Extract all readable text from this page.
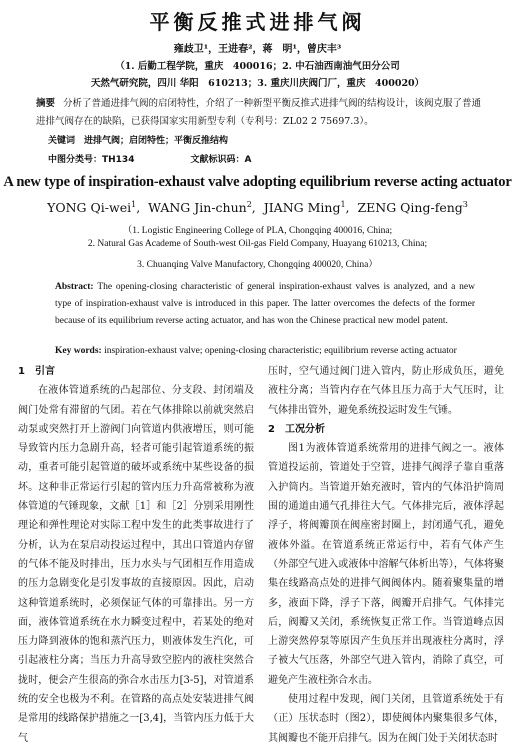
平衡反推式进排气阀
雍歧卫¹，王进春²，蒋　明¹，曾庆丰³
（1. 后勤工程学院，重庆　400016；2. 中石油西南油气田分公司
天然气研究院，四川 华阳　610213；3. 重庆川庆阀门厂，重庆　400020）
摘要 分析了普通进排气阀的启闭特性，介绍了一种新型平衡反推式进排气阀的结构设计，该阀克服了普通进排气阀存在的缺陷，已获得国家实用新型专利（专利号：ZL02 2 75697.3）。
关键词　进排气阀；启闭特性；平衡反推结构
中图分类号：TH134	文献标识码：A
A new type of inspiration-exhaust valve adopting equilibrium reverse acting actuator
YONG Qi-wei$^1$,  WANG Jin-chun$^2$,  JIANG Ming$^1$,  ZENG Qing-feng$^3$
（1. Logistic Engineering College of PLA, Chongqing 400016, China;
2. Natural Gas Academe of South-west Oil-gas Field Company, Huayang 610213, China;
3. Chuanqing Valve Manufactory, Chongqing 400020, China）
Abstract: The opening-closing characteristic of general inspiration-exhaust valves is analyzed, and a new type of inspiration-exhaust valve is introduced in this paper. The latter overcomes the defects of the former because of its equilibrium reverse acting actuator, and has won the Chinese practical new model patent.
Key words: inspiration-exhaust valve; opening-closing characteristic; equilibrium reverse acting actuator
1　引言

在液体管道系统的凸起部位、分支段、封闭端及阀门处常有滞留的气团。若在气体排除以前就突然启动泵或突然打开上游阀门向管道内供液增压，则可能导致管内压力急剧升高，轻者可能引起管道系统的振动，重者可能引起管道的破坏或系统中某些设备的损坏。这种非正常运行引起的管内压力升高常被称为液体管道的气锤现象，文献［1］和［2］分别采用刚性理论和弹性理论对实际工程中发生的此类事故进行了分析，认为在泵启动投运过程中，其出口管道内存留的气体不能及时排出，压力水头与气团相互作用造成的压力急剧变化是引发事故的直接原因。因此，启动这种管道系统时，必须保证气体的可靠排出。另一方面，液体管道系统在水力瞬变过程中，若某处的绝对压力降到液体的饱和蒸汽压力，则液体发生汽化，可引起液柱分离；当压力升高导致空腔内的液柱突然合拢时，便会产生很高的弥合水击压力[3-5]，对管道系统的安全也极为不利。在管路的高点处安装进排气阀是常用的线路保护措施之一[3,4]，当管内压力低于大气

压时，空气通过阀门进入管内，防止形成负压，避免液柱分离；当管内存在气体且压力高于大气压时，让气体排出管外，避免系统投运时发生气锤。

2　工况分析

图1为液体管道系统常用的进排气阀之一。液体管道投运前，管道处于空管，进排气阀浮子靠自重落入护筒内。当管道开始充液时，管内的气体沿护筒周围的通道由通气孔排往大气。气体排完后，液体浮起浮子，将阀瓣顶在阀座密封圈上，封闭通气孔，避免液体外溢。在管道系统正常运行中，若有气体产生（外部空气进入或液体中溶解气体析出等），气体将聚集在线路高点处的进排气阀阀体内。随着聚集量的增多，液面下降，浮子下落，阀瓣开启排气。气体排完后，阀瓣又关闭，系统恢复正常工作。当管道峰点因上游突然停泵等原因产生负压并出现液柱分离时，浮子被大气压落，外部空气进入管内，消除了真空，可避免产生液柱弥合水击。

使用过程中发现，阀门关闭，且管道系统处于有（正）压状态时（图2），即使阀体内聚集很多气体，其阀瓣也不能开启排气。因为在阀门处于关闭状态时
